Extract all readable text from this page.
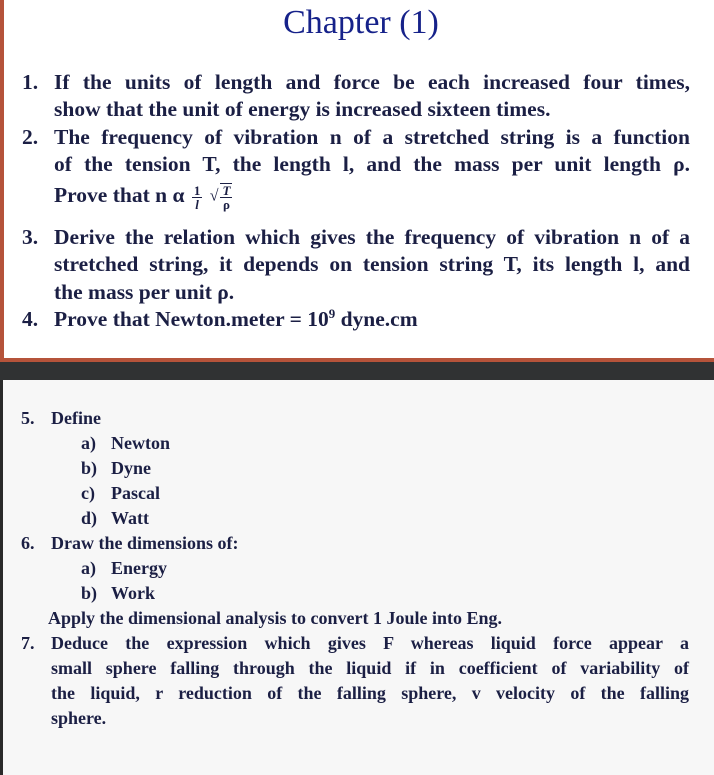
Chapter (1)
1. If the units of length and force be each increased four times,
show that the unit of energy is increased sixteen times.
2. The frequency of vibration n of a stretched string is a function
of the tension T, the length l, and the mass per unit length ρ.
Prove that n α $\frac{1}{l}$ √ $\frac{T}{\rho}$
3. Derive the relation which gives the frequency of vibration n of a
stretched string, it depends on tension string T, its length l, and
the mass per unit ρ.
4. Prove that Newton.meter = $10^9$ dyne.cm
5. Define
a) Newton
b) Dyne
c) Pascal
d) Watt
6. Draw the dimensions of:
a) Energy
b) Work
Apply the dimensional analysis to convert 1 Joule into Eng.
7. Deduce the expression which gives F whereas liquid force appear a
small sphere falling through the liquid if in coefficient of variability of
the liquid, r reduction of the falling sphere, v velocity of the falling
sphere.
